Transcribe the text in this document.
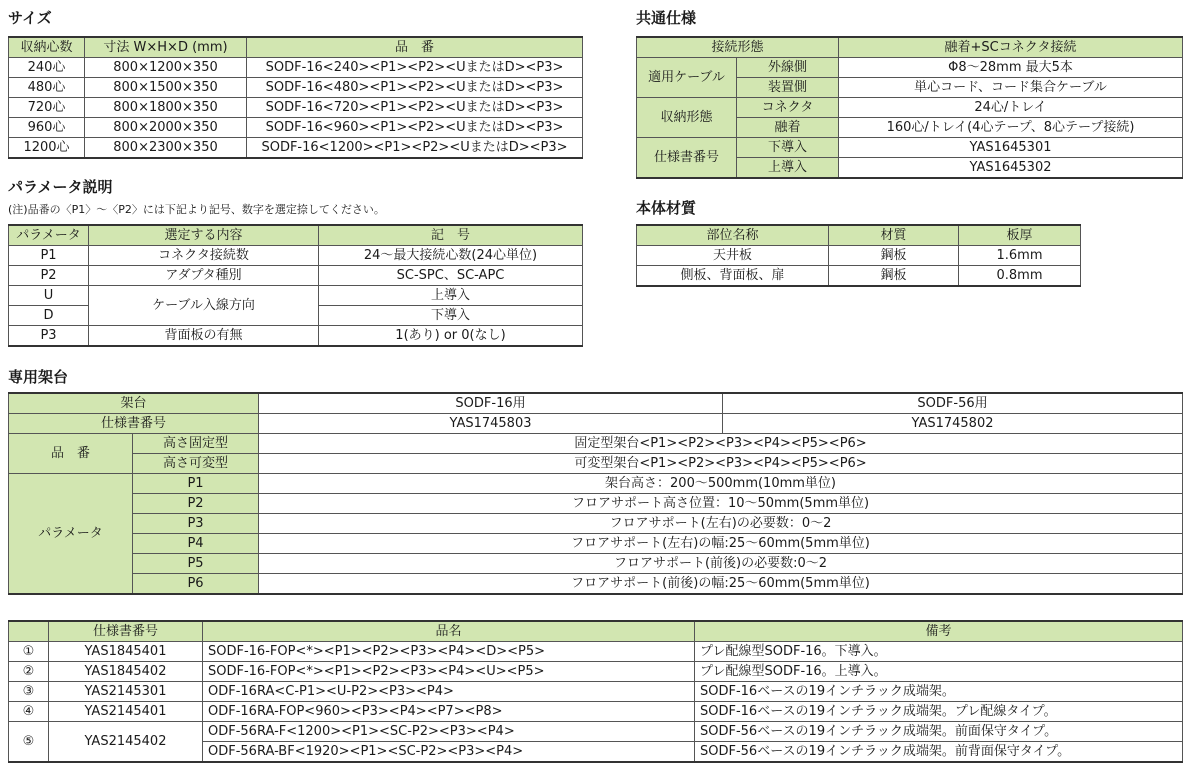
サイズ
収納心数	寸法 W×H×D (mm)	品　番
240心	800×1200×350	SODF-16<240><P1><P2><UまたはD><P3>
480心	800×1500×350	SODF-16<480><P1><P2><UまたはD><P3>
720心	800×1800×350	SODF-16<720><P1><P2><UまたはD><P3>
960心	800×2000×350	SODF-16<960><P1><P2><UまたはD><P3>
1200心	800×2300×350	SODF-16<1200><P1><P2><UまたはD><P3>
パラメータ説明
(注)品番の〈P1〉〜〈P2〉には下記より記号、数字を選定捺してください。
パラメータ	選定する内容	記　号
P1	コネクタ接続数	24〜最大接続心数(24心単位)
P2	アダプタ種別	SC-SPC、SC-APC
U	ケーブル入線方向	上導入
D		下導入
P3	背面板の有無	1(あり) or 0(なし)
共通仕様
接続形態		融着+SCコネクタ接続
適用ケーブル	外線側	Φ8〜28mm 最大5本
	装置側	単心コード、コード集合ケーブル
収納形態	コネクタ	24心/トレイ
	融着	160心/トレイ(4心テープ、8心テープ接続)
仕様書番号	下導入	YAS1645301
	上導入	YAS1645302
本体材質
部位名称	材質	板厚
天井板	鋼板	1.6mm
側板、背面板、扉	鋼板	0.8mm
専用架台
架台		SODF-16用	SODF-56用
仕様書番号		YAS1745803	YAS1745802
品　番	高さ固定型	固定型架台<P1><P2><P3><P4><P5><P6>	
	高さ可変型	可変型架台<P1><P2><P3><P4><P5><P6>	
パラメータ	P1	架台高さ：200〜500mm(10mm単位)	
	P2	フロアサポート高さ位置：10〜50mm(5mm単位)	
	P3	フロアサポート(左右)の必要数：0〜2	
	P4	フロアサポート(左右)の幅:25〜60mm(5mm単位)	
	P5	フロアサポート(前後)の必要数:0〜2	
	P6	フロアサポート(前後)の幅:25〜60mm(5mm単位)	
	仕様書番号	品名	備考
①	YAS1845401	SODF-16-FOP<*><P1><P2><P3><P4><D><P5>	プレ配線型SODF-16。下導入。
②	YAS1845402	SODF-16-FOP<*><P1><P2><P3><P4><U><P5>	プレ配線型SODF-16。上導入。
③	YAS2145301	ODF-16RA<C-P1><U-P2><P3><P4>	SODF-16ベースの19インチラック成端架。
④	YAS2145401	ODF-16RA-FOP<960><P3><P4><P7><P8>	SODF-16ベースの19インチラック成端架。プレ配線タイプ。
⑤	YAS2145402	ODF-56RA-F<1200><P1><SC-P2><P3><P4>	SODF-56ベースの19インチラック成端架。前面保守タイプ。
		ODF-56RA-BF<1920><P1><SC-P2><P3><P4>	SODF-56ベースの19インチラック成端架。前背面保守タイプ。
